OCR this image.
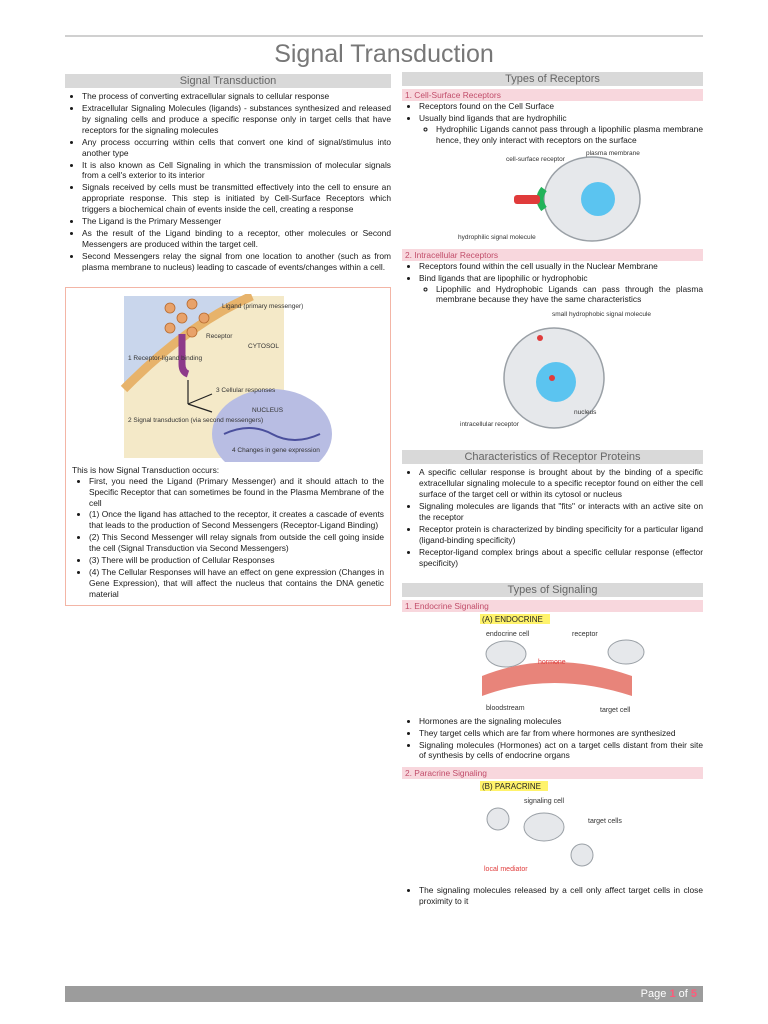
Signal Transduction
Signal Transduction
• The process of converting extracellular signals to cellular response
• Extracellular Signaling Molecules (ligands) - substances synthesized and released by signaling cells and produce a specific response only in target cells that have receptors for the signaling molecules
• Any process occurring within cells that convert one kind of signal/stimulus into another type
• It is also known as Cell Signaling in which the transmission of molecular signals from a cell's exterior to its interior
• Signals received by cells must be transmitted effectively into the cell to ensure an appropriate response. This step is initiated by Cell-Surface Receptors which triggers a biochemical chain of events inside the cell, creating a response
• The Ligand is the Primary Messenger
• As the result of the Ligand binding to a receptor, other molecules or Second Messengers are produced within the target cell.
• Second Messengers relay the signal from one location to another (such as from plasma membrane to nucleus) leading to cascade of events/changes within a cell.
Ligand (primary messenger)
Receptor
CYTOSOL
1 Receptor-ligand binding
3 Cellular responses
NUCLEUS
2 Signal transduction (via second messengers)
4 Changes in gene expression
This is how Signal Transduction occurs:
• First, you need the Ligand (Primary Messenger) and it should attach to the Specific Receptor that can sometimes be found in the Plasma Membrane of the cell
• (1) Once the ligand has attached to the receptor, it creates a cascade of events that leads to the production of Second Messengers (Receptor-Ligand Binding)
• (2) This Second Messenger will relay signals from outside the cell going inside the cell (Signal Transduction via Second Messengers)
• (3) There will be production of Cellular Responses
• (4) The Cellular Responses will have an effect on gene expression (Changes in Gene Expression), that will affect the nucleus that contains the DNA genetic material
Types of Receptors
1. Cell-Surface Receptors
• Receptors found on the Cell Surface
• Usually bind ligands that are hydrophilic
◦ Hydrophilic Ligands cannot pass through a lipophilic plasma membrane hence, they only interact with receptors on the surface
cell-surface receptor
plasma membrane
hydrophilic signal molecule
2. Intracellular Receptors
• Receptors found within the cell usually in the Nuclear Membrane
• Bind ligands that are lipophilic or hydrophobic
◦ Lipophilic and Hydrophobic Ligands can pass through the plasma membrane because they have the same characteristics
small hydrophobic signal molecule
intracellular receptor
nucleus
Characteristics of Receptor Proteins
• A specific cellular response is brought about by the binding of a specific extracellular signaling molecule to a specific receptor found on either the cell surface of the target cell or within its cytosol or nucleus
• Signaling molecules are ligands that "fits" or interacts with an active site on the receptor
• Receptor protein is characterized by binding specificity for a particular ligand (ligand-binding specificity)
• Receptor-ligand complex brings about a specific cellular response (effector specificity)
Types of Signaling
1. Endocrine Signaling
(A) ENDOCRINE
endocrine cell	receptor
hormone
bloodstream	target cell
• Hormones are the signaling molecules
• They target cells which are far from where hormones are synthesized
• Signaling molecules (Hormones) act on a target cells distant from their site of synthesis by cells of endocrine organs
2. Paracrine Signaling
(B) PARACRINE
signaling cell
target cells
local mediator
• The signaling molecules released by a cell only affect target cells in close proximity to it
Page 1 of 5
